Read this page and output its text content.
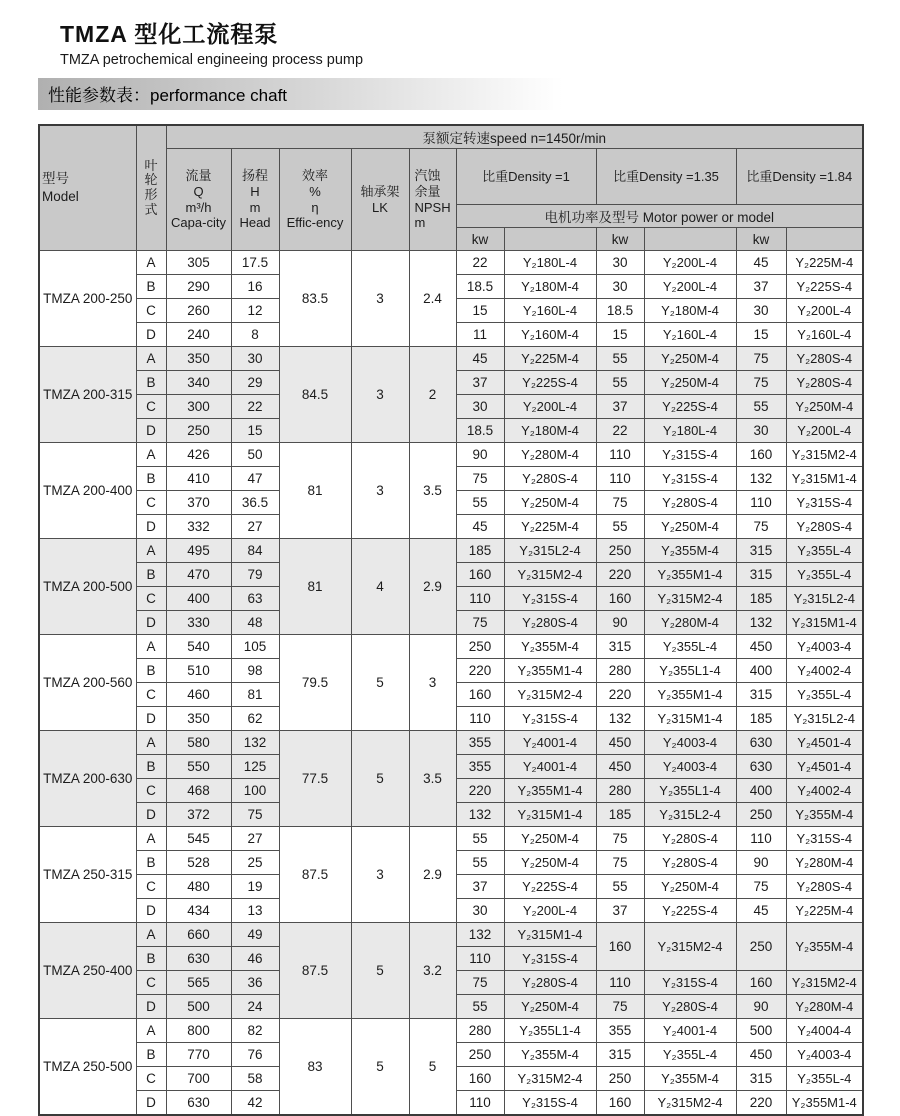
TMZA 型化工流程泵
TMZA petrochemical engineeing process pump
性能参数表：performance chaft
型号
Model	叶
轮
形
式	泵额定转速speed n=1450r/min										

		流量
Q
m³/h
Capa-city	扬程
H
m
Head	效率
%
η
Effic-ency	轴承架
LK	汽蚀
余量
NPSH
m	比重Density =1		比重Density =1.35		比重Density =1.84	
							电机功率及型号 Motor power or model					
							kw		kw		kw	
TMZA 200-250	A	305	17.5	83.5	3	2.4	22	Y₂180L-4	30	Y₂200L-4	45	Y₂225M-4
	B	290	16				18.5	Y₂180M-4	30	Y₂200L-4	37	Y₂225S-4
	C	260	12				15	Y₂160L-4	18.5	Y₂180M-4	30	Y₂200L-4
	D	240	8				11	Y₂160M-4	15	Y₂160L-4	15	Y₂160L-4
TMZA 200-315	A	350	30	84.5	3	2	45	Y₂225M-4	55	Y₂250M-4	75	Y₂280S-4
	B	340	29				37	Y₂225S-4	55	Y₂250M-4	75	Y₂280S-4
	C	300	22				30	Y₂200L-4	37	Y₂225S-4	55	Y₂250M-4
	D	250	15				18.5	Y₂180M-4	22	Y₂180L-4	30	Y₂200L-4
TMZA 200-400	A	426	50	81	3	3.5	90	Y₂280M-4	110	Y₂315S-4	160	Y₂315M2-4
	B	410	47				75	Y₂280S-4	110	Y₂315S-4	132	Y₂315M1-4
	C	370	36.5				55	Y₂250M-4	75	Y₂280S-4	110	Y₂315S-4
	D	332	27				45	Y₂225M-4	55	Y₂250M-4	75	Y₂280S-4
TMZA 200-500	A	495	84	81	4	2.9	185	Y₂315L2-4	250	Y₂355M-4	315	Y₂355L-4
	B	470	79				160	Y₂315M2-4	220	Y₂355M1-4	315	Y₂355L-4
	C	400	63				110	Y₂315S-4	160	Y₂315M2-4	185	Y₂315L2-4
	D	330	48				75	Y₂280S-4	90	Y₂280M-4	132	Y₂315M1-4
TMZA 200-560	A	540	105	79.5	5	3	250	Y₂355M-4	315	Y₂355L-4	450	Y₂4003-4
	B	510	98				220	Y₂355M1-4	280	Y₂355L1-4	400	Y₂4002-4
	C	460	81				160	Y₂315M2-4	220	Y₂355M1-4	315	Y₂355L-4
	D	350	62				110	Y₂315S-4	132	Y₂315M1-4	185	Y₂315L2-4
TMZA 200-630	A	580	132	77.5	5	3.5	355	Y₂4001-4	450	Y₂4003-4	630	Y₂4501-4
	B	550	125				355	Y₂4001-4	450	Y₂4003-4	630	Y₂4501-4
	C	468	100				220	Y₂355M1-4	280	Y₂355L1-4	400	Y₂4002-4
	D	372	75				132	Y₂315M1-4	185	Y₂315L2-4	250	Y₂355M-4
TMZA 250-315	A	545	27	87.5	3	2.9	55	Y₂250M-4	75	Y₂280S-4	110	Y₂315S-4
	B	528	25				55	Y₂250M-4	75	Y₂280S-4	90	Y₂280M-4
	C	480	19				37	Y₂225S-4	55	Y₂250M-4	75	Y₂280S-4
	D	434	13				30	Y₂200L-4	37	Y₂225S-4	45	Y₂225M-4
TMZA 250-400	A	660	49	87.5	5	3.2	132	Y₂315M1-4	160	Y₂315M2-4	250	Y₂355M-4
	B	630	46				110	Y₂315S-4				
	C	565	36				75	Y₂280S-4	110	Y₂315S-4	160	Y₂315M2-4
	D	500	24				55	Y₂250M-4	75	Y₂280S-4	90	Y₂280M-4
TMZA 250-500	A	800	82	83	5	5	280	Y₂355L1-4	355	Y₂4001-4	500	Y₂4004-4
	B	770	76				250	Y₂355M-4	315	Y₂355L-4	450	Y₂4003-4
	C	700	58				160	Y₂315M2-4	250	Y₂355M-4	315	Y₂355L-4
	D	630	42				110	Y₂315S-4	160	Y₂315M2-4	220	Y₂355M1-4
